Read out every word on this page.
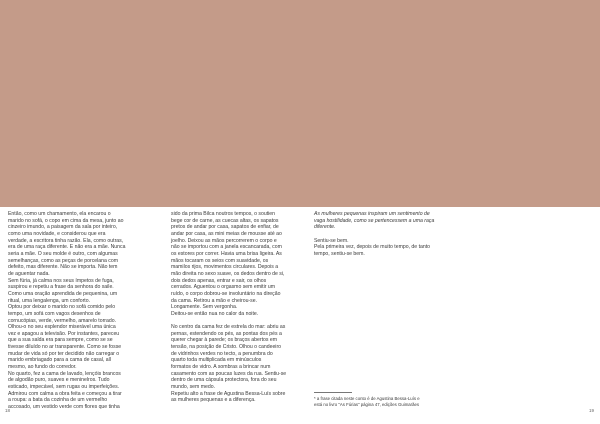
Então, como um chamamento, ela encarou o
marido no sofá, o copo em cima da mesa, junto ao
cinzeiro imundo, a paisagem da sala por inteiro,
como uma novidade, e considerou que era
verdade, a escritora tinha razão. Ela, como outras,
era de uma raça diferente. E não era a mãe. Nunca
seria a mãe. O seu molde é outro, com algumas
semelhanças, como as peças de porcelana com
defeito, mas diferente. Não se importa. Não tem
de aguentar nada.
Sem fúria, já calma nos seus ímpetos de fuga,
suspirou e repetiu a frase da senhora do xaile.
Como uma oração aprendida de pequenina, um
ritual, uma lengalenga, um conforto.
Optou por deixar o marido no sofá comido pelo
tempo, um sofá com vagos desenhos de
cornucópias, verde, vermelho, amarelo torrado.
Olhou-o no seu esplendor miserável uma única
vez e apagou a televisão. Por instantes, pareceu
que a sua salda era para sempre, como se se
tivesse diluído no ar transparente. Como se fosse
mudar de vida só por ter decidido não carregar o
marido embriagado para a cama de casal, all
mesmo, ao fundo do corredor.
No quarto, fez a cama de lavado, lençóis brancos
de algodão puro, suaves e meninelros. Tudo
esticado, impecável, sem rugas ou imperfeições.
Admirou com calma a obra feita e começou a tirar
a roupa: a bata da cozinha de um vermelho
accosado, um vestido verde com flores que tinha

sido da prima Bilca noutros tempos, o soutien
bege cor de carne, as cuecas altas, os sapatos
pretos de andar por casa, sapatos de enfiar, de
andar por casa, as mini meias de mousse até ao
joelho. Deixou as mãos percorrerem o corpo e
não se importou com a janela escancarada, com
os estores por correr. Havia uma brisa ligeira. As
mãos tocaram os seios com suavidade, os
mamilos rijos, movimentos circulares. Depois a
mão direita no sexo suave, os dedos dentro de si,
dois dedos apenas, entrar e sair, os olhos
cerrados. Aguentou o orgasmo sem emitir um
ruído, o corpo dobrou-se involuntário na direção
da cama. Retirou a mão e cheirou-se.
Longamente. Sem vergonha.
Deitou-se então nua no calor da noite.

No centro da cama fez de estrela do mar: abriu as
pernas, estendendo os pés, as pontas dos pés a
querer chegar à parede; os braços abertos em
tensão, na posição de Cristo. Olhou o candeeiro
de vidrinhos verdes no tecto, a penumbra do
quarto toda multiplicada em minúsculos
formatos de vidro. A sombras a brincar num
casamento com as poucas luzes da rua. Sentiu-se
dentro de uma cápsula protectora, fora do seu
mundo, sem medo.
Repetiu alto a frase de Agustina Bessa-Luís sobre
as mulheres pequenas e a diferença.

As mulheres pequenas inspiram um sentimento de
vaga hostilidade, como se pertencessem a uma raça
diferente.

Sentiu-se bem.
Pela primeira vez, depois de muito tempo, de tanto
tempo, sentiu-se bem.

* a frase citada neste conto é de Agustina Bessa-Luís e
está no livro "As Fúrias" página 47, edições Guimarães

18	19
